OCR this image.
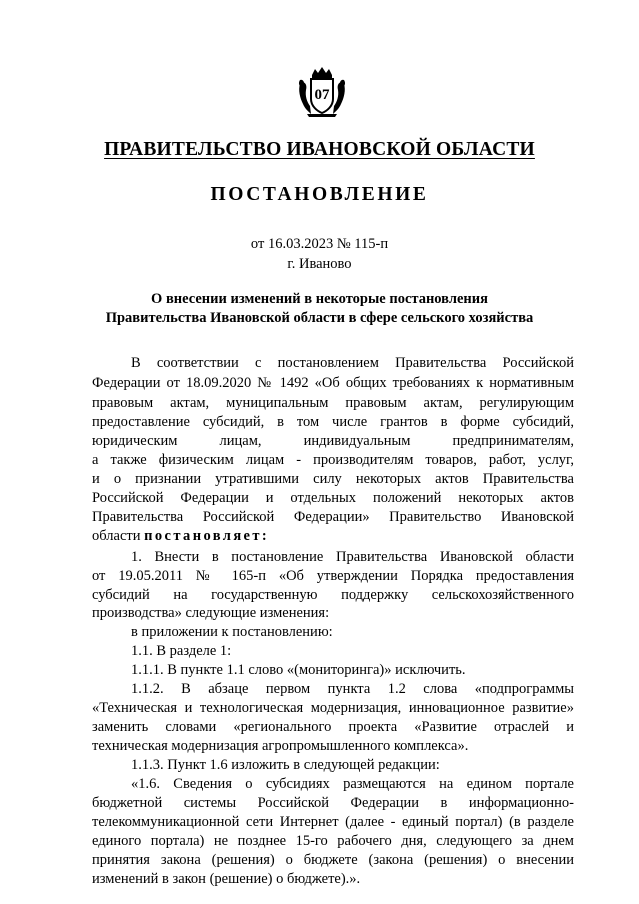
07
ПРАВИТЕЛЬСТВО ИВАНОВСКОЙ ОБЛАСТИ
ПОСТАНОВЛЕНИЕ
от 16.03.2023 № 115-п
г. Иваново
О внесении изменений в некоторые постановления
Правительства Ивановской области в сфере сельского хозяйства
В соответствии с постановлением Правительства Российской
Федерации от 18.09.2020 № 1492 «Об общих требованиях к нормативным
правовым актам, муниципальным правовым актам, регулирующим
предоставление субсидий, в том числе грантов в форме субсидий,
юридическим лицам, индивидуальным предпринимателям,
а также физическим лицам - производителям товаров, работ, услуг,
и о признании утратившими силу некоторых актов Правительства
Российской Федерации и отдельных положений некоторых актов
Правительства Российской Федерации» Правительство Ивановской
области постановляет:
1. Внести в постановление Правительства Ивановской области
от 19.05.2011 № 165-п «Об утверждении Порядка предоставления
субсидий на государственную поддержку сельскохозяйственного
производства» следующие изменения:
в приложении к постановлению:
1.1. В разделе 1:
1.1.1. В пункте 1.1 слово «(мониторинга)» исключить.
1.1.2. В абзаце первом пункта 1.2 слова «подпрограммы
«Техническая и технологическая модернизация, инновационное развитие»
заменить словами «регионального проекта «Развитие отраслей и
техническая модернизация агропромышленного комплекса».
1.1.3. Пункт 1.6 изложить в следующей редакции:
«1.6. Сведения о субсидиях размещаются на едином портале
бюджетной системы Российской Федерации в информационно-
телекоммуникационной сети Интернет (далее - единый портал) (в разделе
единого портала) не позднее 15-го рабочего дня, следующего за днем
принятия закона (решения) о бюджете (закона (решения) о внесении
изменений в закон (решение) о бюджете).».
